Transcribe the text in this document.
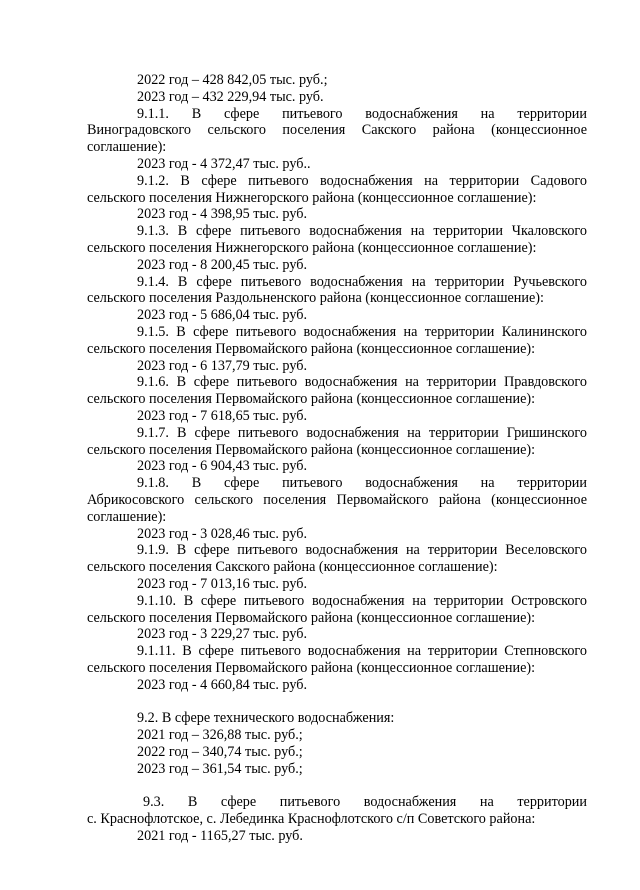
2022 год – 428 842,05 тыс. руб.;
2023 год – 432 229,94 тыс. руб.
9.1.1. В сфере питьевого водоснабжения на территории
Виноградовского сельского поселения Сакского района (концессионное
соглашение):
2023 год - 4 372,47 тыс. руб..
9.1.2. В сфере питьевого водоснабжения на территории Садового
сельского поселения Нижнегорского района (концессионное соглашение):
2023 год - 4 398,95 тыс. руб.
9.1.3. В сфере питьевого водоснабжения на территории Чкаловского
сельского поселения Нижнегорского района (концессионное соглашение):
2023 год - 8 200,45 тыс. руб.
9.1.4. В сфере питьевого водоснабжения на территории Ручьевского
сельского поселения Раздольненского района (концессионное соглашение):
2023 год - 5 686,04 тыс. руб.
9.1.5. В сфере питьевого водоснабжения на территории Калининского
сельского поселения Первомайского района (концессионное соглашение):
2023 год - 6 137,79 тыс. руб.
9.1.6. В сфере питьевого водоснабжения на территории Правдовского
сельского поселения Первомайского района (концессионное соглашение):
2023 год - 7 618,65 тыс. руб.
9.1.7. В сфере питьевого водоснабжения на территории Гришинского
сельского поселения Первомайского района (концессионное соглашение):
2023 год - 6 904,43 тыс. руб.
9.1.8. В сфере питьевого водоснабжения на территории
Абрикосовского сельского поселения Первомайского района (концессионное
соглашение):
2023 год - 3 028,46 тыс. руб.
9.1.9. В сфере питьевого водоснабжения на территории Веселовского
сельского поселения Сакского района (концессионное соглашение):
2023 год - 7 013,16 тыс. руб.
9.1.10. В сфере питьевого водоснабжения на территории Островского
сельского поселения Первомайского района (концессионное соглашение):
2023 год - 3 229,27 тыс. руб.
9.1.11. В сфере питьевого водоснабжения на территории Степновского
сельского поселения Первомайского района (концессионное соглашение):
2023 год - 4 660,84 тыс. руб.
9.2. В сфере технического водоснабжения:
2021 год – 326,88 тыс. руб.;
2022 год – 340,74 тыс. руб.;
2023 год – 361,54 тыс. руб.;
9.3. В сфере питьевого водоснабжения на территории
с. Краснофлотское, с. Лебединка Краснофлотского с/п Советского района:
2021 год - 1165,27 тыс. руб.
